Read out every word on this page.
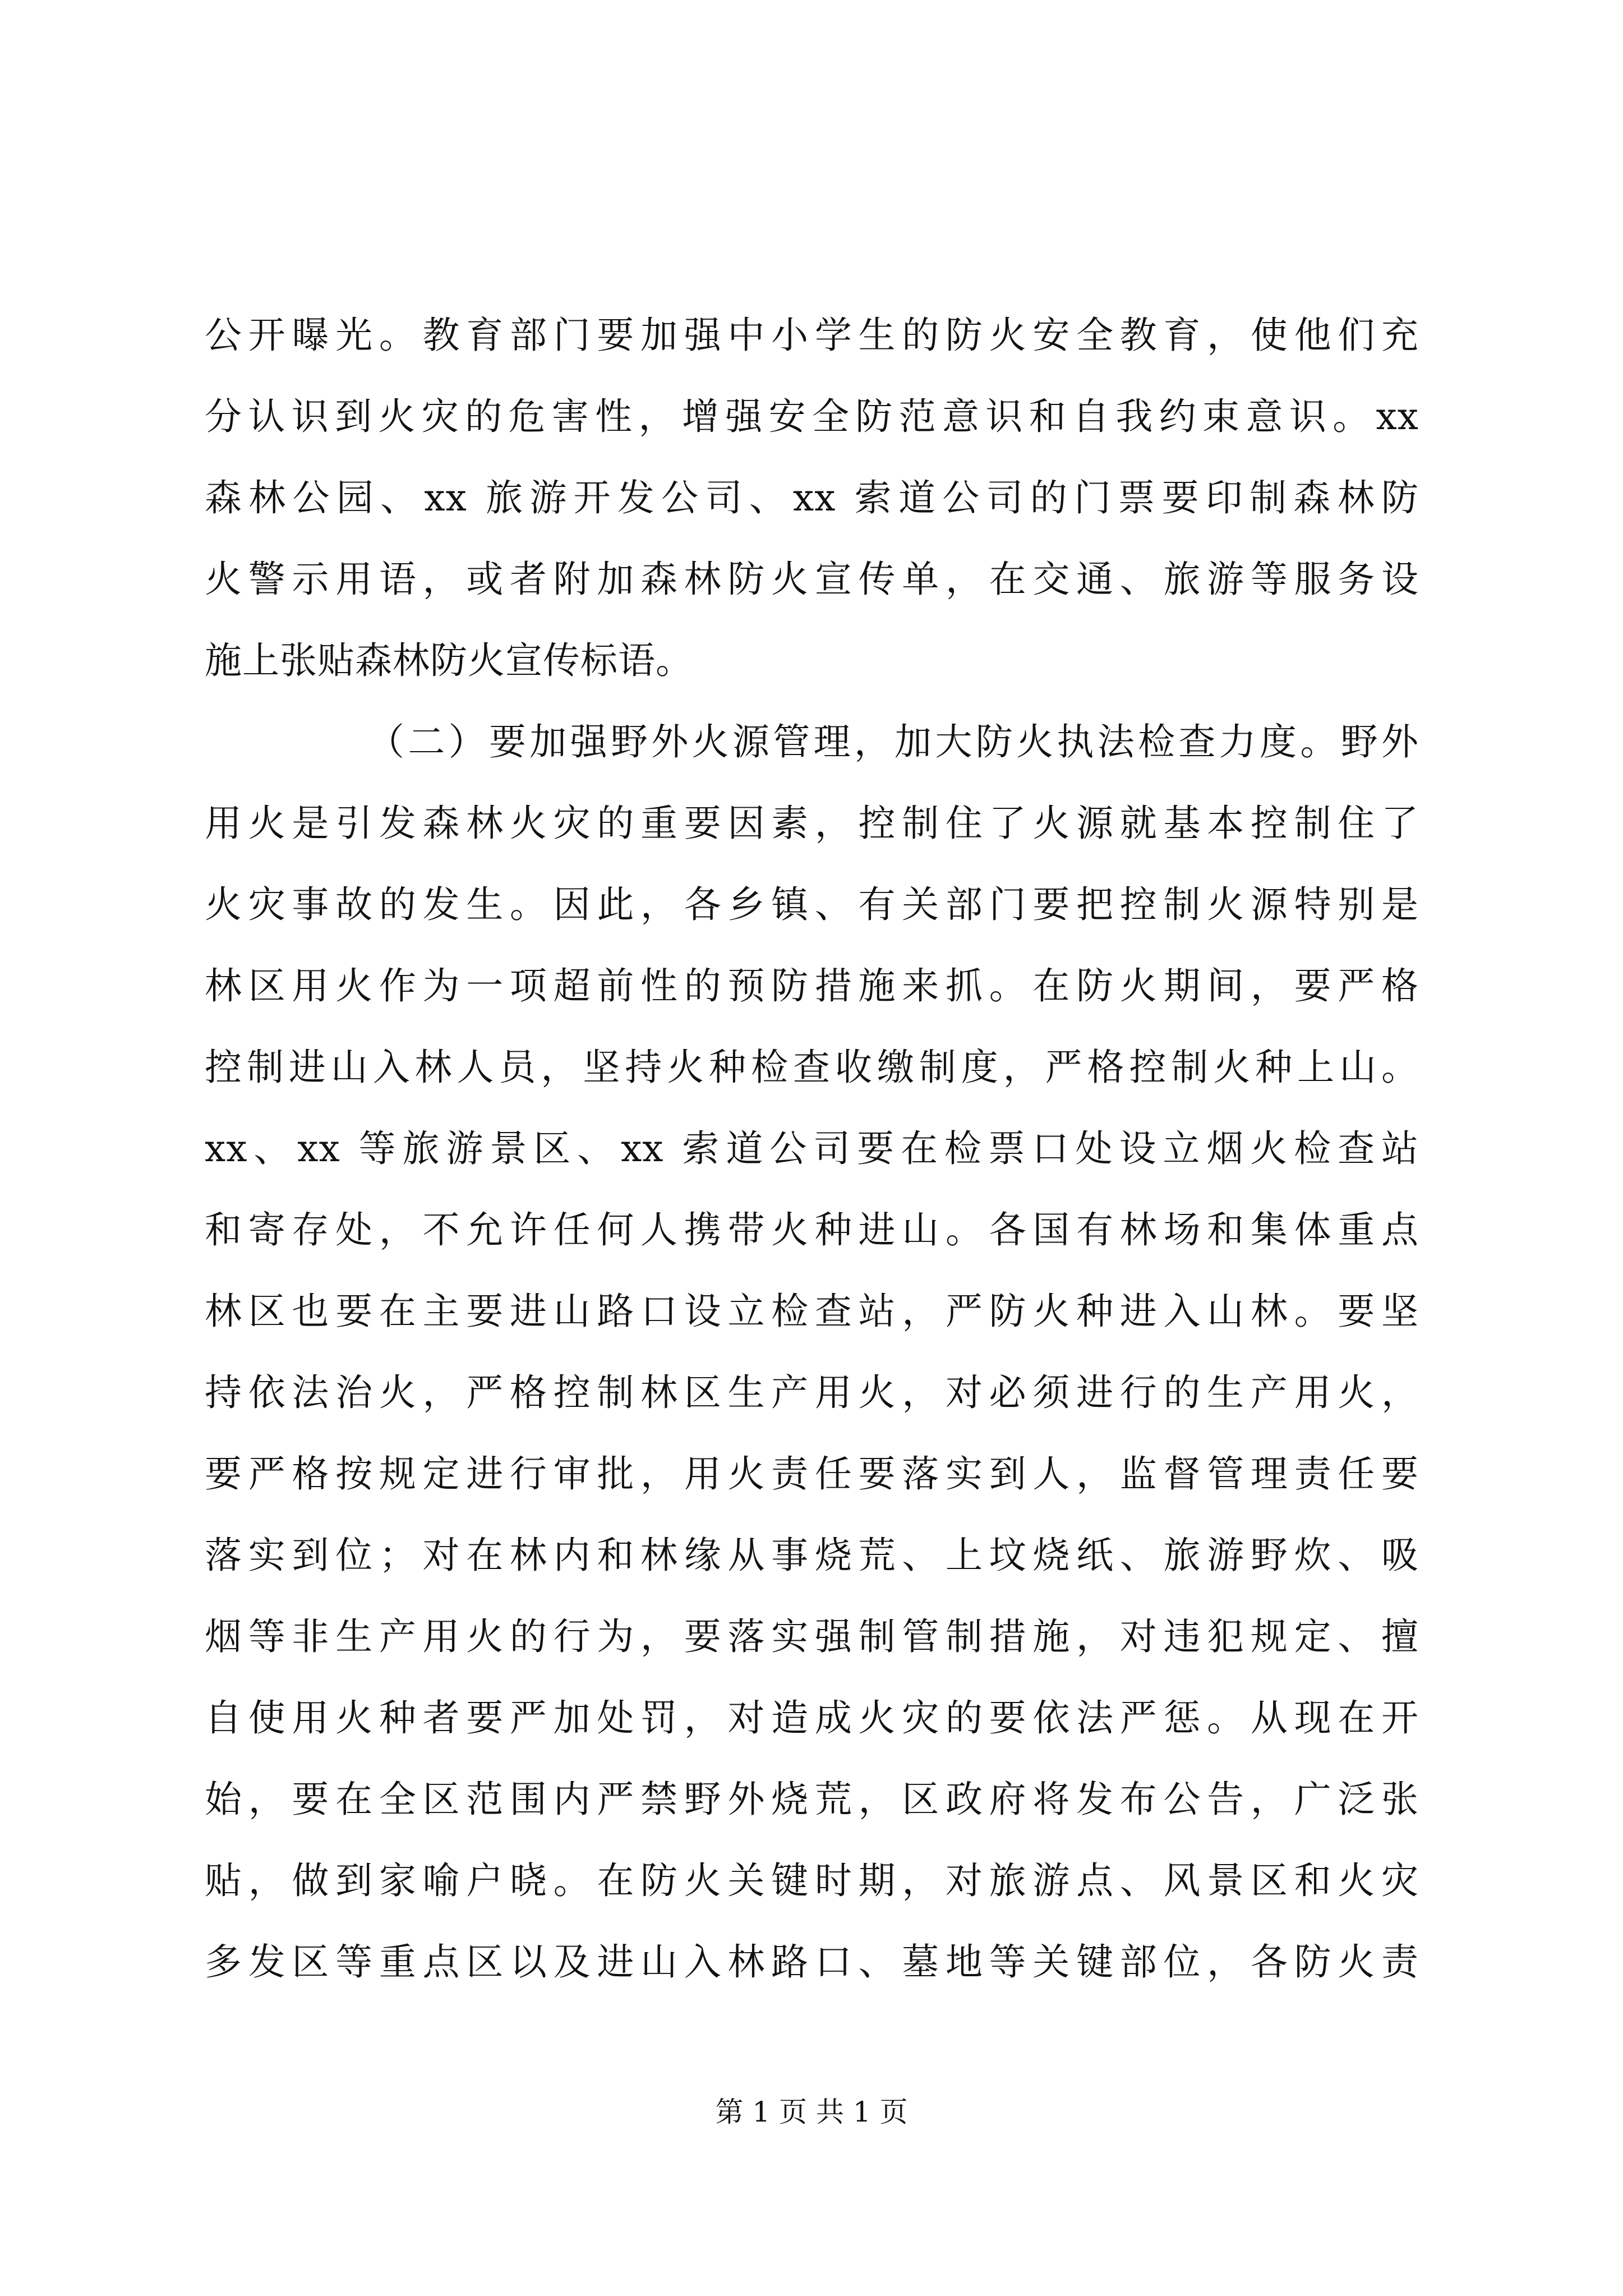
公开曝光。教育部门要加强中小学生的防火安全教育，使他们充
分认识到火灾的危害性，增强安全防范意识和自我约束意识。xx
森林公园、xx 旅游开发公司、xx 索道公司的门票要印制森林防
火警示用语，或者附加森林防火宣传单，在交通、旅游等服务设
施上张贴森林防火宣传标语。
（二）要加强野外火源管理，加大防火执法检查力度。野外
用火是引发森林火灾的重要因素，控制住了火源就基本控制住了
火灾事故的发生。因此，各乡镇、有关部门要把控制火源特别是
林区用火作为一项超前性的预防措施来抓。在防火期间，要严格
控制进山入林人员，坚持火种检查收缴制度，严格控制火种上山。
xx、xx 等旅游景区、xx 索道公司要在检票口处设立烟火检查站
和寄存处，不允许任何人携带火种进山。各国有林场和集体重点
林区也要在主要进山路口设立检查站，严防火种进入山林。要坚
持依法治火，严格控制林区生产用火，对必须进行的生产用火，
要严格按规定进行审批，用火责任要落实到人，监督管理责任要
落实到位；对在林内和林缘从事烧荒、上坟烧纸、旅游野炊、吸
烟等非生产用火的行为，要落实强制管制措施，对违犯规定、擅
自使用火种者要严加处罚，对造成火灾的要依法严惩。从现在开
始，要在全区范围内严禁野外烧荒，区政府将发布公告，广泛张
贴，做到家喻户晓。在防火关键时期，对旅游点、风景区和火灾
多发区等重点区以及进山入林路口、墓地等关键部位，各防火责
第 1 页 共 1 页
